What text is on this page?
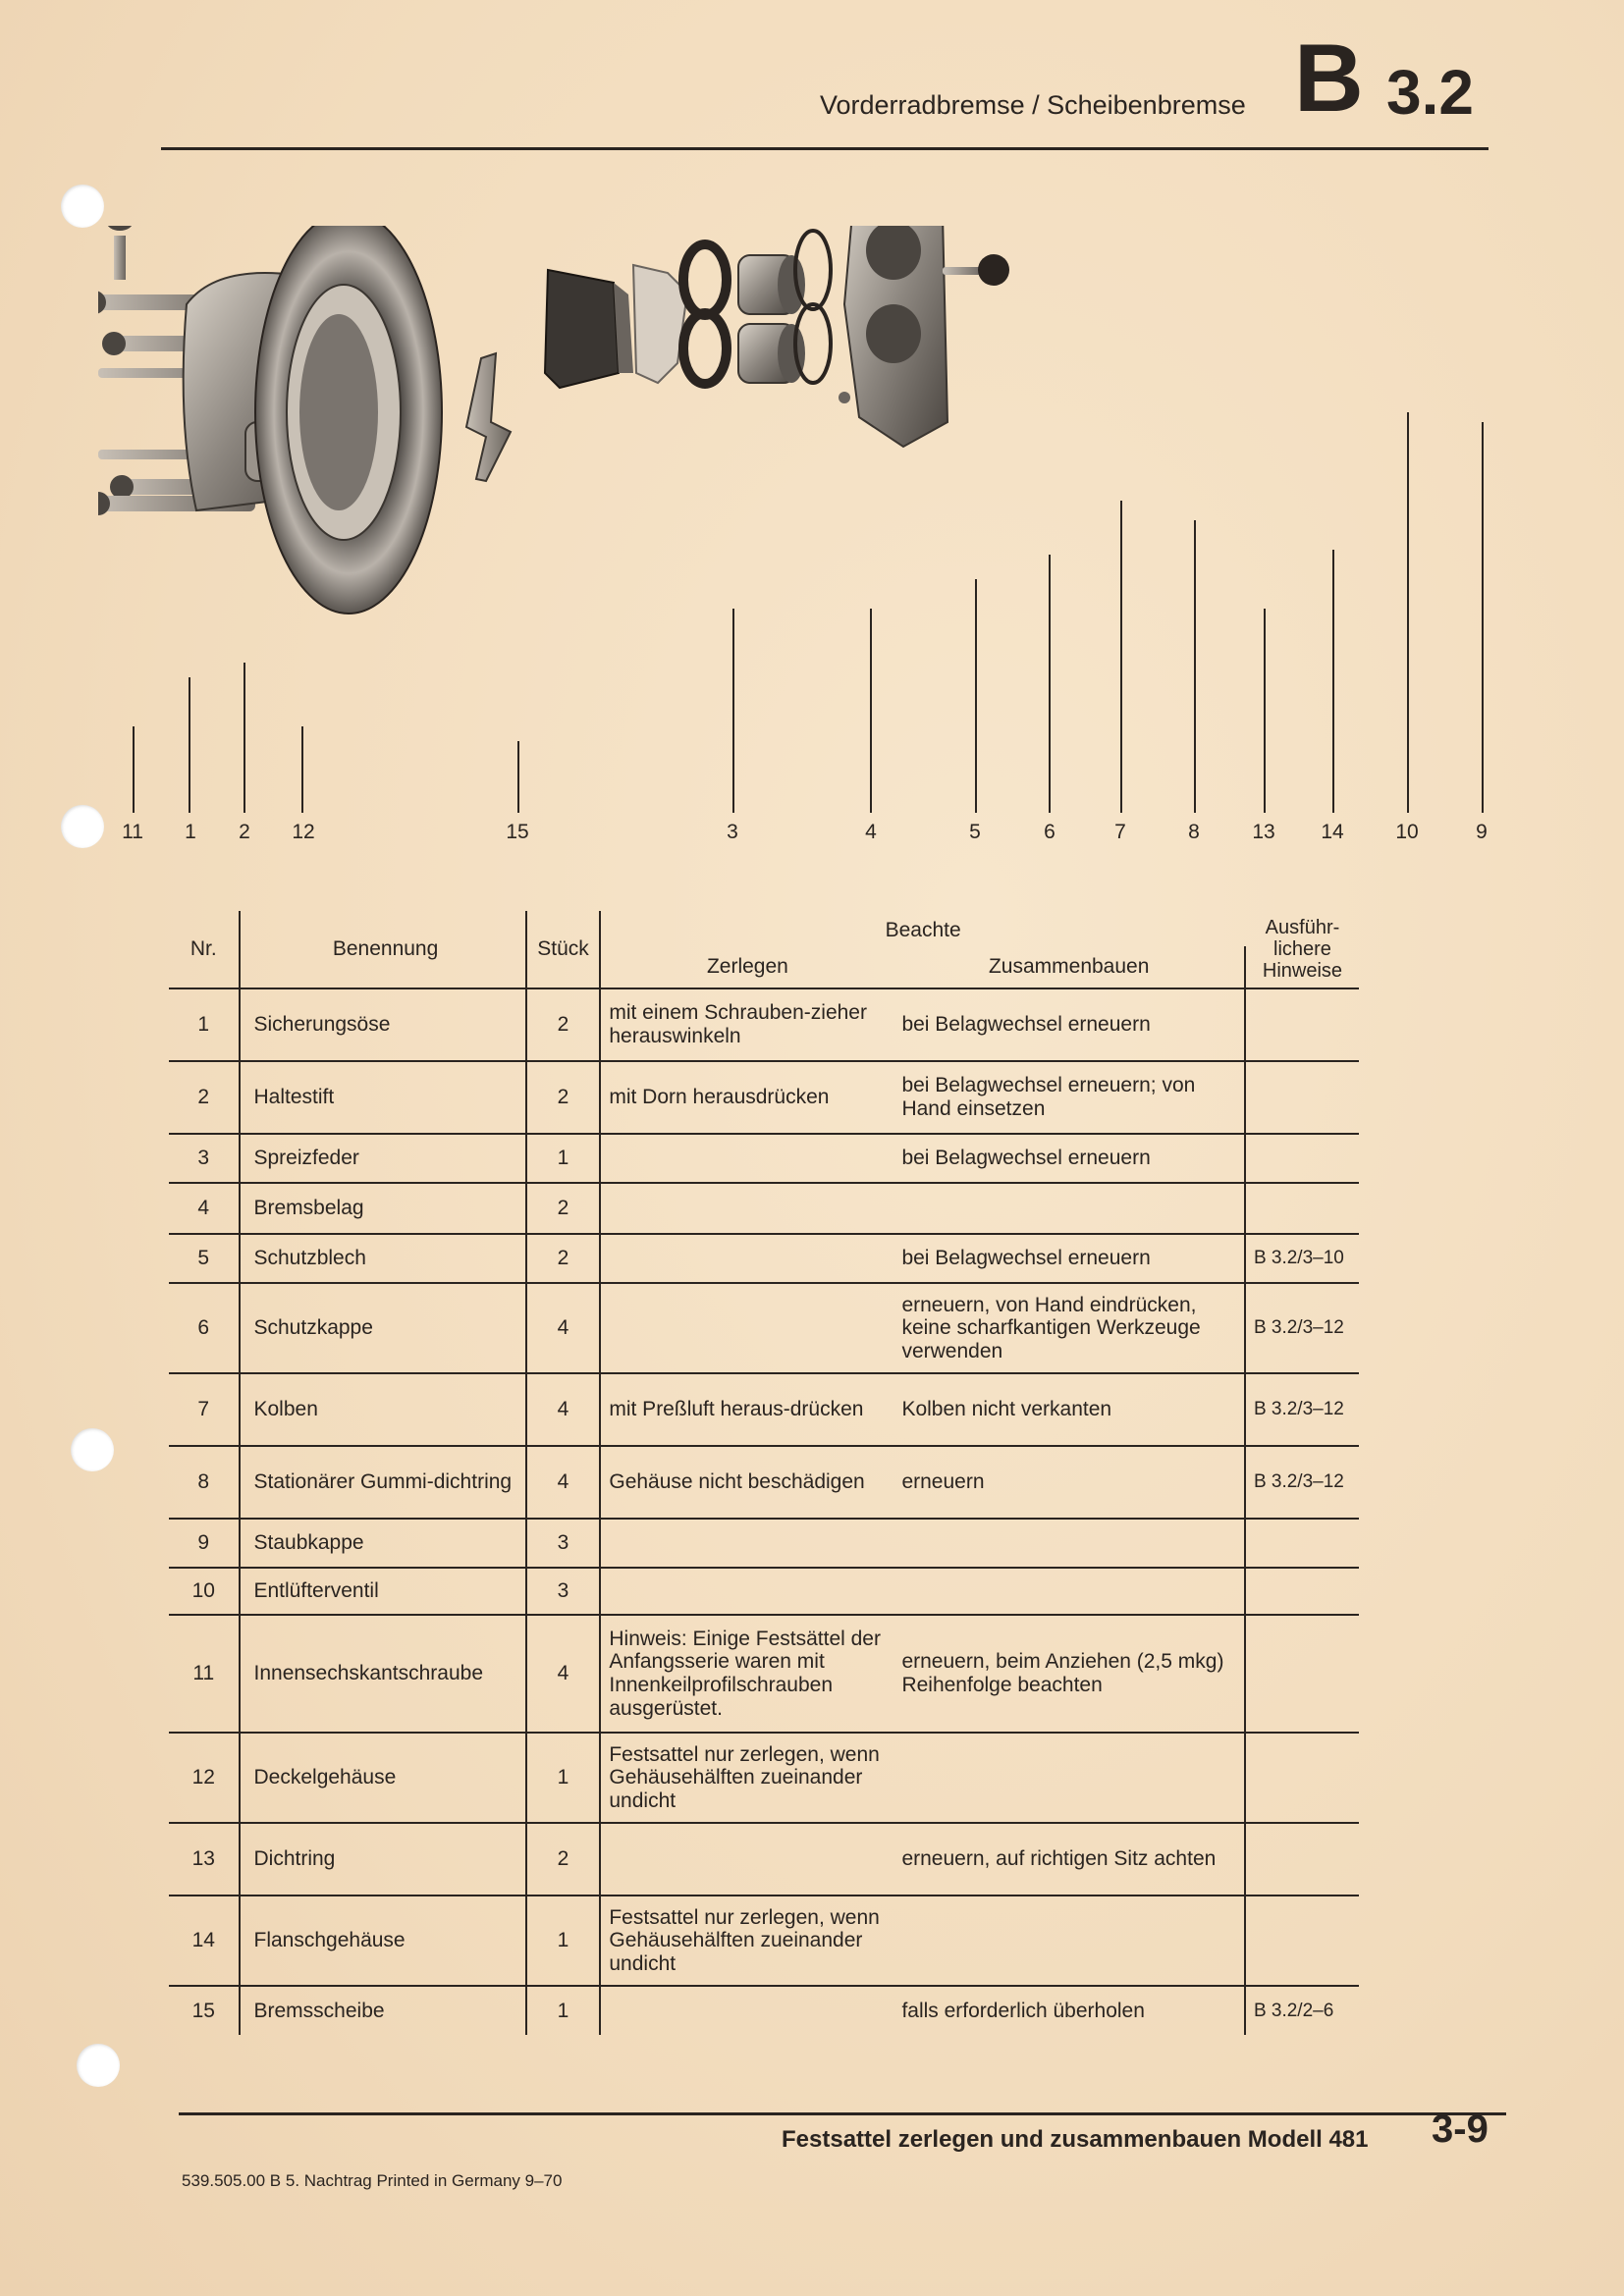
Vorderradbremse / Scheibenbremse B 3.2
11 1 2 12	15	3	4	5	6	7	8	13 14	10	9
Nr.	Benennung	Stück	Beachte		Ausführ-lichere Hinweise
			Zerlegen	Zusammenbauen	
1	Sicherungsöse	2	mit einem Schrauben-zieher herauswinkeln	bei Belagwechsel erneuern	
2	Haltestift	2	mit Dorn herausdrücken	bei Belagwechsel erneuern; von Hand einsetzen	
3	Spreizfeder	1		bei Belagwechsel erneuern	
4	Bremsbelag	2			
5	Schutzblech	2		bei Belagwechsel erneuern	B 3.2/3–10
6	Schutzkappe	4		erneuern, von Hand eindrücken, keine scharfkantigen Werkzeuge verwenden	B 3.2/3–12
7	Kolben	4	mit Preßluft heraus-drücken	Kolben nicht verkanten	B 3.2/3–12
8	Stationärer Gummi-dichtring	4	Gehäuse nicht beschädigen	erneuern	B 3.2/3–12
9	Staubkappe	3			
10	Entlüfterventil	3			
11	Innensechskantschraube	4	Hinweis: Einige Festsättel der Anfangsserie waren mit Innenkeilprofilschrauben ausgerüstet.	erneuern, beim Anziehen (2,5 mkg) Reihenfolge beachten	
12	Deckelgehäuse	1	Festsattel nur zerlegen, wenn Gehäusehälften zueinander undicht		
13	Dichtring	2		erneuern, auf richtigen Sitz achten	
14	Flanschgehäuse	1	Festsattel nur zerlegen, wenn Gehäusehälften zueinander undicht		
15	Bremsscheibe	1		falls erforderlich überholen	B 3.2/2–6
Festsattel zerlegen und zusammenbauen Modell 481 3-9
539.505.00 B 5. Nachtrag Printed in Germany 9–70
